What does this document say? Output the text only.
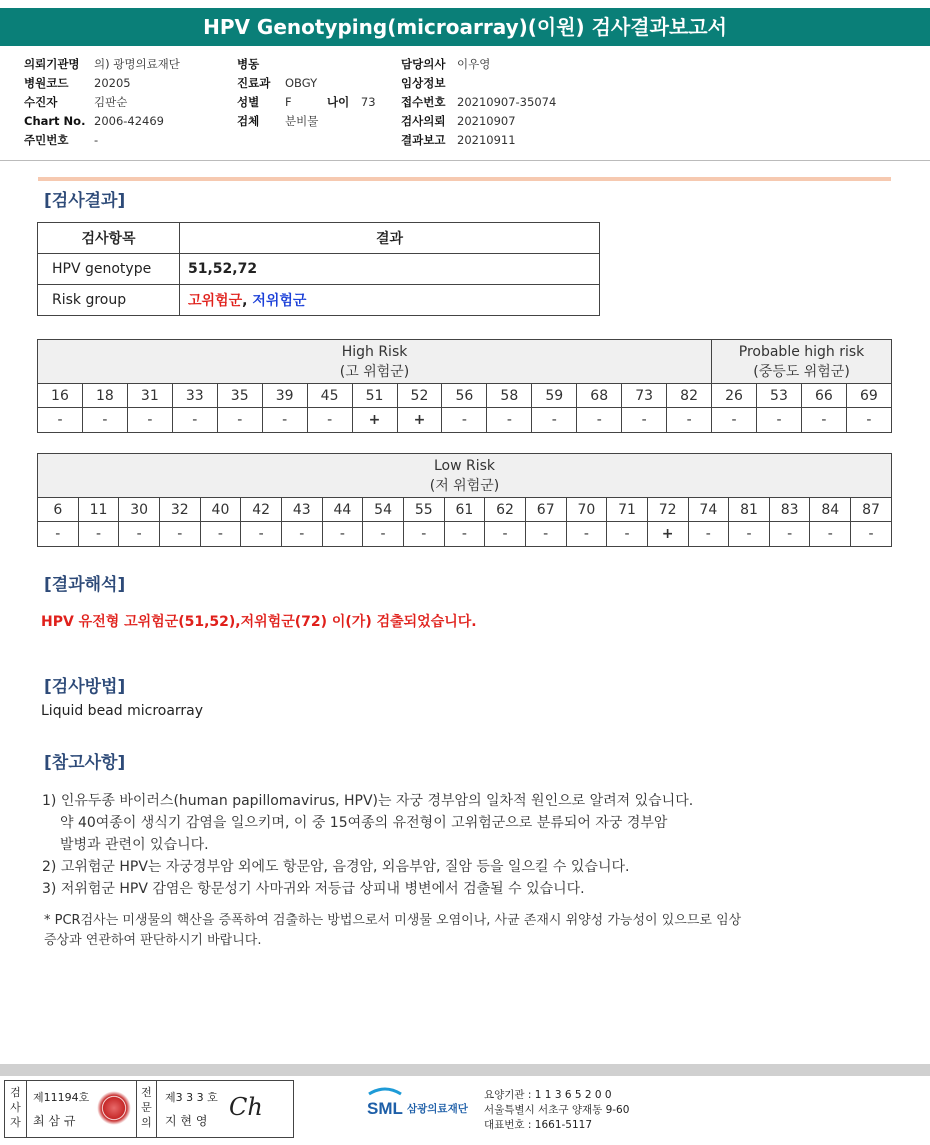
HPV Genotyping(microarray)(이원) 검사결과보고서
의뢰기관명 의) 광명의료재단
병원코드 20205
수진자	김판순
Chart No. 2006-42469
주민번호 -
병동
진료과 OBGY
성별 F
검체 분비물
나이 73
담당의사 이우영
임상정보
접수번호 20210907-35074
검사의뢰 20210907
결과보고 20210911
[검사결과]
검사항목	결과
HPV genotype	51,52,72
Risk group	고위험군, 저위험군
High Risk
(고 위험군)															Probable high risk
(중등도 위험군)			
16	18	31	33	35	39	45	51	52	56	58	59	68	73	82	26	53	66	69
-	-	-	-	-	-	-	+	+	-	-	-	-	-	-	-	-	-	-
Low Risk
(저 위험군)																				
6	11	30	32	40	42	43	44	54	55	61	62	67	70	71	72	74	81	83	84	87
-	-	-	-	-	-	-	-	-	-	-	-	-	-	-	+	-	-	-	-	-
[결과해석]
HPV 유전형 고위험군(51,52),저위험군(72) 이(가) 검출되었습니다.
[검사방법]
Liquid bead microarray
[참고사항]

1) 인유두종 바이러스(human papillomavirus, HPV)는 자궁 경부암의 일차적 원인으로 알려져 있습니다.

약 40여종이 생식기 감염을 일으키며, 이 중 15여종의 유전형이 고위험군으로 분류되어 자궁 경부암

발병과 관련이 있습니다.

2) 고위험군 HPV는 자궁경부암 외에도 항문암, 음경암, 외음부암, 질암 등을 일으킬 수 있습니다.

3) 저위험군 HPV 감염은 항문성기 사마귀와 저등급 상피내 병변에서 검출될 수 있습니다.

* PCR검사는 미생물의 핵산을 증폭하여 검출하는 방법으로서 미생물 오염이나, 사균 존재시 위양성 가능성이 있으므로 임상

증상과 연관하여 판단하시기 바랍니다.

검사자
제11194호
최 삼 규
전문의
제3 3 3 호
지 현 영 Ch	SML 삼광의료재단
요양기관 : 1 1 3 6 5 2 0 0
서울특별시 서초구 양재동 9-60
대표번호 : 1661-5117
